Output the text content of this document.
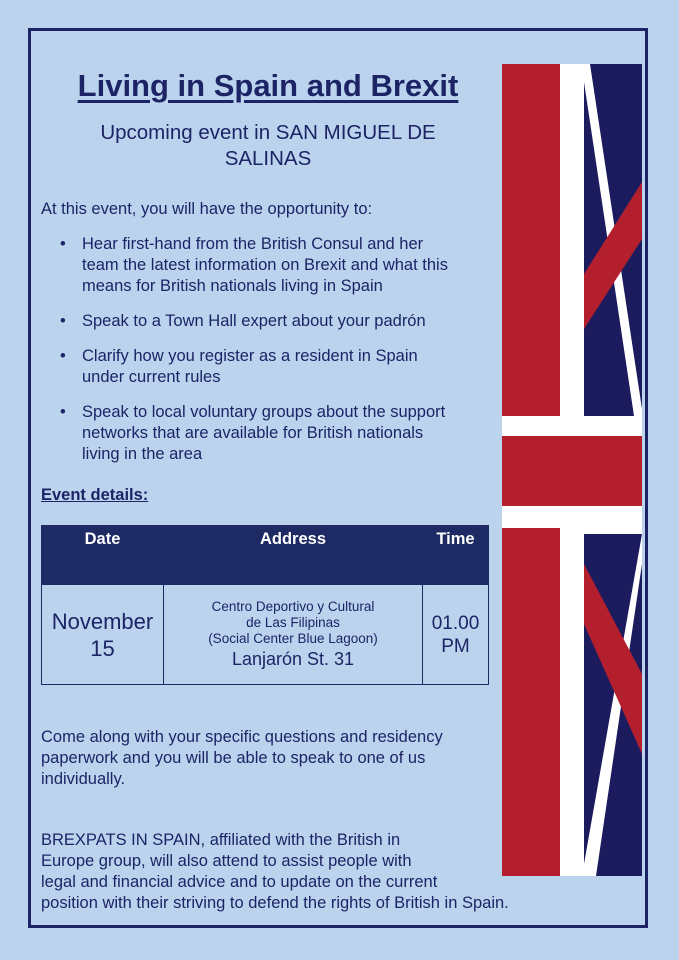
Living in Spain and Brexit

Upcoming event in SAN MIGUEL DE
SALINAS

At this event, you will have the opportunity to:

• Hear first-hand from the British Consul and her
team the latest information on Brexit and what this
means for British nationals living in Spain
• Speak to a Town Hall expert about your padrón
• Clarify how you register as a resident in Spain
under current rules
• Speak to local voluntary groups about the support
networks that are available for British nationals
living in the area

Event details:

Date	Address	Time

November
15	Centro Deportivo y Cultural
de Las Filipinas
(Social Center Blue Lagoon)
Lanjarón St. 31	01.00
PM

Come along with your specific questions and residency
paperwork and you will be able to speak to one of us
individually.

BREXPATS IN SPAIN, affiliated with the British in
Europe group, will also attend to assist people with
legal and financial advice and to update on the current
position with their striving to defend the rights of British in Spain.
